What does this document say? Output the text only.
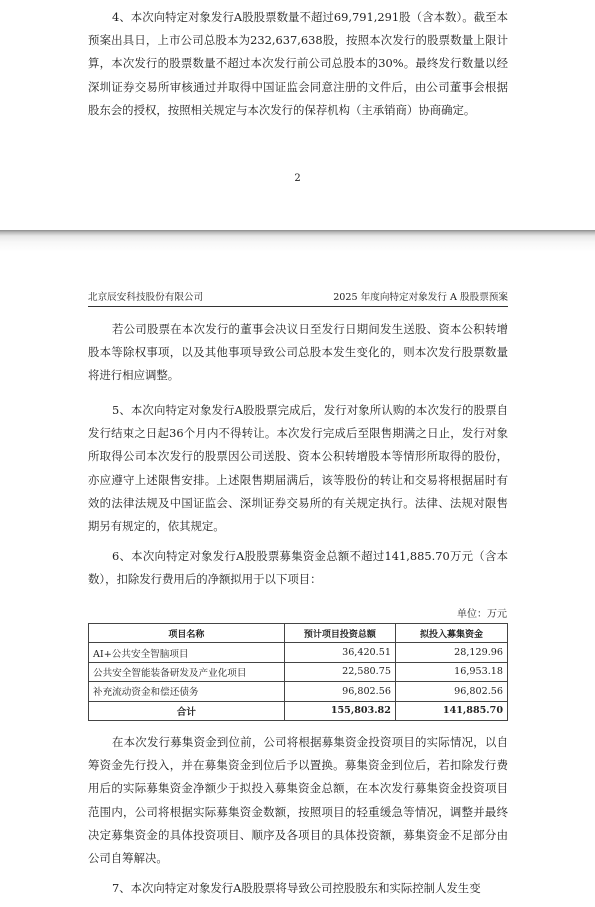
4、本次向特定对象发行A股股票数量不超过69,791,291股（含本数）。截至本预案出具日，上市公司总股本为232,637,638股，按照本次发行的股票数量上限计算，本次发行的股票数量不超过本次发行前公司总股本的30%。最终发行数量以经深圳证券交易所审核通过并取得中国证监会同意注册的文件后，由公司董事会根据股东会的授权，按照相关规定与本次发行的保荐机构（主承销商）协商确定。

2
北京辰安科技股份有限公司	2025 年度向特定对象发行 A 股股票预案

若公司股票在本次发行的董事会决议日至发行日期间发生送股、资本公积转增股本等除权事项，以及其他事项导致公司总股本发生变化的，则本次发行股票数量将进行相应调整。

5、本次向特定对象发行A股股票完成后，发行对象所认购的本次发行的股票自发行结束之日起36个月内不得转让。本次发行完成后至限售期满之日止，发行对象所取得公司本次发行的股票因公司送股、资本公积转增股本等情形所取得的股份，亦应遵守上述限售安排。上述限售期届满后，该等股份的转让和交易将根据届时有效的法律法规及中国证监会、深圳证券交易所的有关规定执行。法律、法规对限售期另有规定的，依其规定。

6、本次向特定对象发行A股股票募集资金总额不超过141,885.70万元（含本数），扣除发行费用后的净额拟用于以下项目：

单位：万元
项目名称	预计项目投资总额	拟投入募集资金
AI+公共安全智脑项目	36,420.51	28,129.96
公共安全智能装备研发及产业化项目	22,580.75	16,953.18
补充流动资金和偿还债务	96,802.56	96,802.56
合计	155,803.82	141,885.70

在本次发行募集资金到位前，公司将根据募集资金投资项目的实际情况，以自筹资金先行投入，并在募集资金到位后予以置换。募集资金到位后，若扣除发行费用后的实际募集资金净额少于拟投入募集资金总额，在本次发行募集资金投资项目范围内，公司将根据实际募集资金数额，按照项目的轻重缓急等情况，调整并最终决定募集资金的具体投资项目、顺序及各项目的具体投资额，募集资金不足部分由公司自筹解决。

7、本次向特定对象发行A股股票将导致公司控股股东和实际控制人发生变
